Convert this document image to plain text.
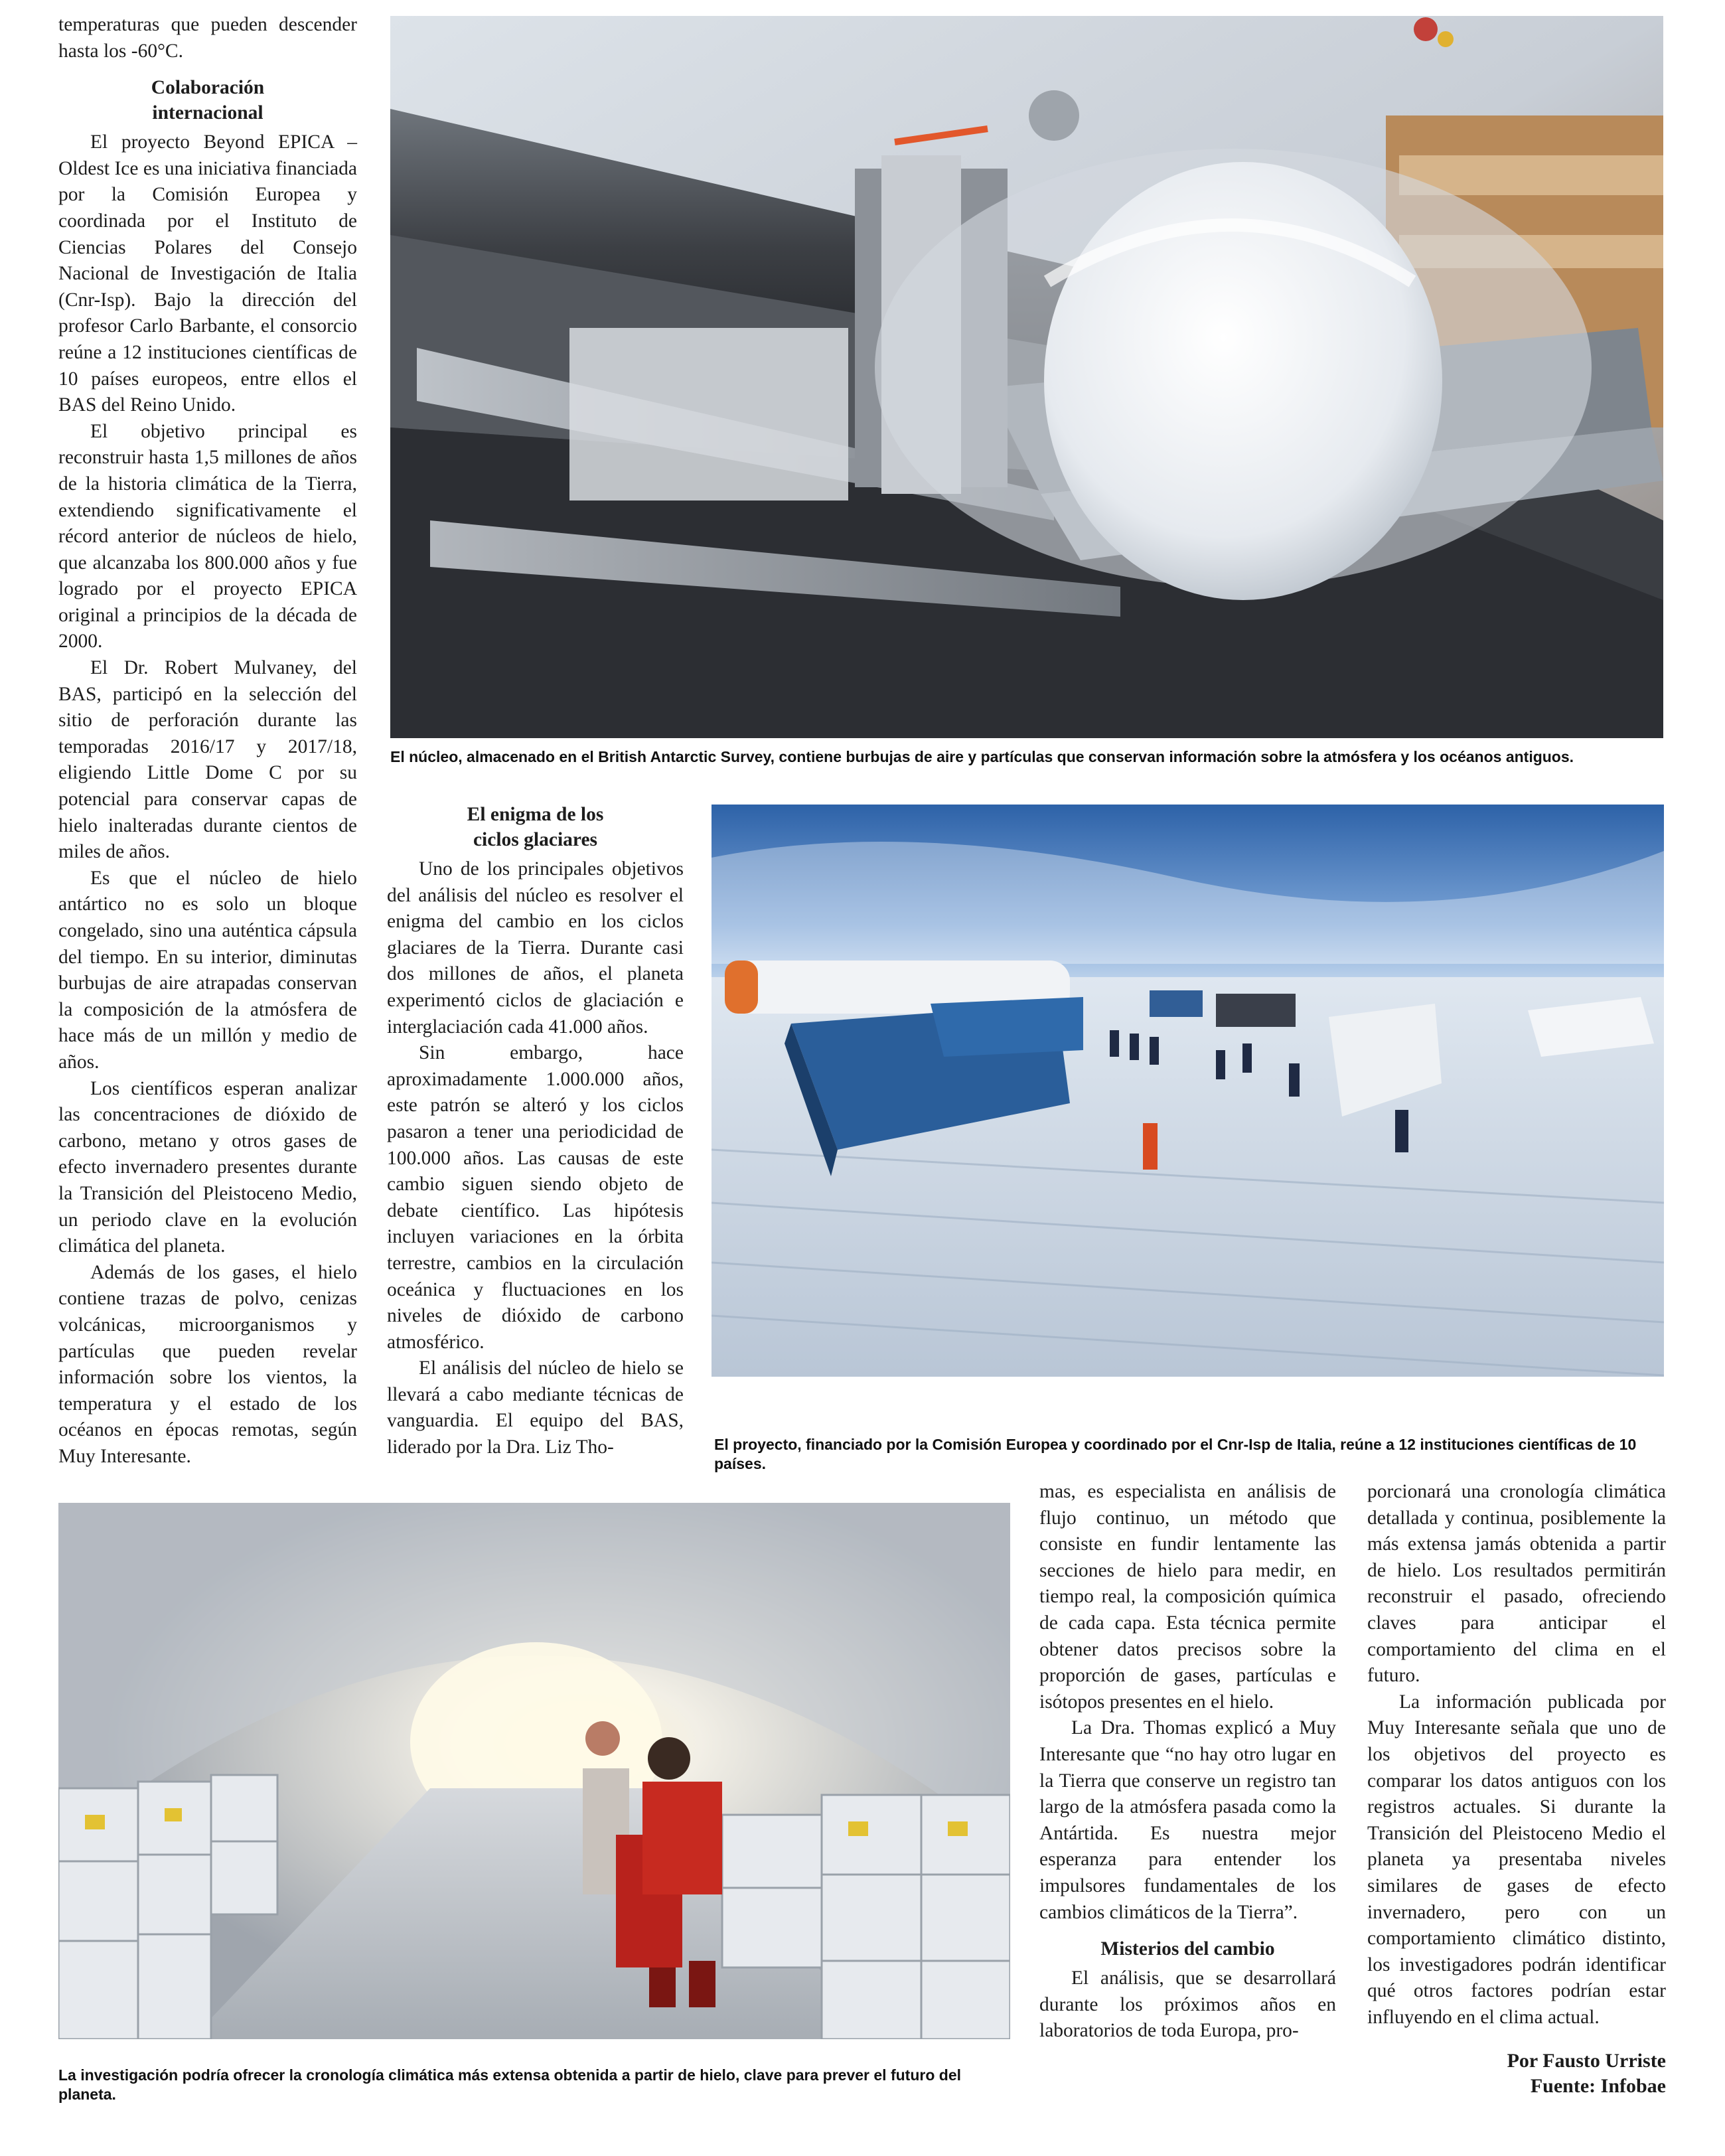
temperaturas que pueden descender hasta los -60°C.

Colaboración
internacional

El proyecto Beyond EPICA – Oldest Ice es una iniciativa financiada por la Comisión Europea y coordinada por el Instituto de Ciencias Polares del Consejo Nacional de Investigación de Italia (Cnr-Isp). Bajo la dirección del profesor Carlo Barbante, el consorcio reúne a 12 instituciones científicas de 10 países europeos, entre ellos el BAS del Reino Unido.

El objetivo principal es reconstruir hasta 1,5 millones de años de la historia climática de la Tierra, extendiendo significativamente el récord anterior de núcleos de hielo, que alcanzaba los 800.000 años y fue logrado por el proyecto EPICA original a principios de la década de 2000.

El Dr. Robert Mulvaney, del BAS, participó en la selección del sitio de perforación durante las temporadas 2016/17 y 2017/18, eligiendo Little Dome C por su potencial para conservar capas de hielo inalteradas durante cientos de miles de años.

Es que el núcleo de hielo antártico no es solo un bloque congelado, sino una auténtica cápsula del tiempo. En su interior, diminutas burbujas de aire atrapadas conservan la composición de la atmósfera de hace más de un millón y medio de años.

Los científicos esperan analizar las concentraciones de dióxido de carbono, metano y otros gases de efecto invernadero presentes durante la Transición del Pleistoceno Medio, un periodo clave en la evolución climática del planeta.

Además de los gases, el hielo contiene trazas de polvo, cenizas volcánicas, microorganismos y partículas que pueden revelar información sobre los vientos, la temperatura y el estado de los océanos en épocas remotas, según Muy Interesante.

El enigma de los
ciclos glaciares

Uno de los principales objetivos del análisis del núcleo es resolver el enigma del cambio en los ciclos glaciares de la Tierra. Durante casi dos millones de años, el planeta experimentó ciclos de glaciación e interglaciación cada 41.000 años.

Sin embargo, hace aproximadamente 1.000.000 años, este patrón se alteró y los ciclos pasaron a tener una periodicidad de 100.000 años. Las causas de este cambio siguen siendo objeto de debate científico. Las hipótesis incluyen variaciones en la órbita terrestre, cambios en la circulación oceánica y fluctuaciones en los niveles de dióxido de carbono atmosférico.

El análisis del núcleo de hielo se llevará a cabo mediante técnicas de vanguardia. El equipo del BAS, liderado por la Dra. Liz Tho-

mas, es especialista en análisis de flujo continuo, un método que consiste en fundir lentamente las secciones de hielo para medir, en tiempo real, la composición química de cada capa. Esta técnica permite obtener datos precisos sobre la proporción de gases, partículas e isótopos presentes en el hielo.

La Dra. Thomas explicó a Muy Interesante que “no hay otro lugar en la Tierra que conserve un registro tan largo de la atmósfera pasada como la Antártida. Es nuestra mejor esperanza para entender los impulsores fundamentales de los cambios climáticos de la Tierra”.

Misterios del cambio

El análisis, que se desarrollará durante los próximos años en laboratorios de toda Europa, pro-

porcionará una cronología climática detallada y continua, posiblemente la más extensa jamás obtenida a partir de hielo. Los resultados permitirán reconstruir el pasado, ofreciendo claves para anticipar el comportamiento del clima en el futuro.

La información publicada por Muy Interesante señala que uno de los objetivos del proyecto es comparar los datos antiguos con los registros actuales. Si durante la Transición del Pleistoceno Medio el planeta ya presentaba niveles similares de gases de efecto invernadero, pero con un comportamiento climático distinto, los investigadores podrán identificar qué otros factores podrían estar influyendo en el clima actual.

El núcleo, almacenado en el British Antarctic Survey, contiene burbujas de aire y partículas que conservan información sobre la atmósfera y los océanos antiguos.
El proyecto, financiado por la Comisión Europea y coordinado por el Cnr-Isp de Italia, reúne a 12 instituciones científicas de 10 países.
La investigación podría ofrecer la cronología climática más extensa obtenida a partir de hielo, clave para prever el futuro del planeta.
Por Fausto Urriste
Fuente: Infobae
